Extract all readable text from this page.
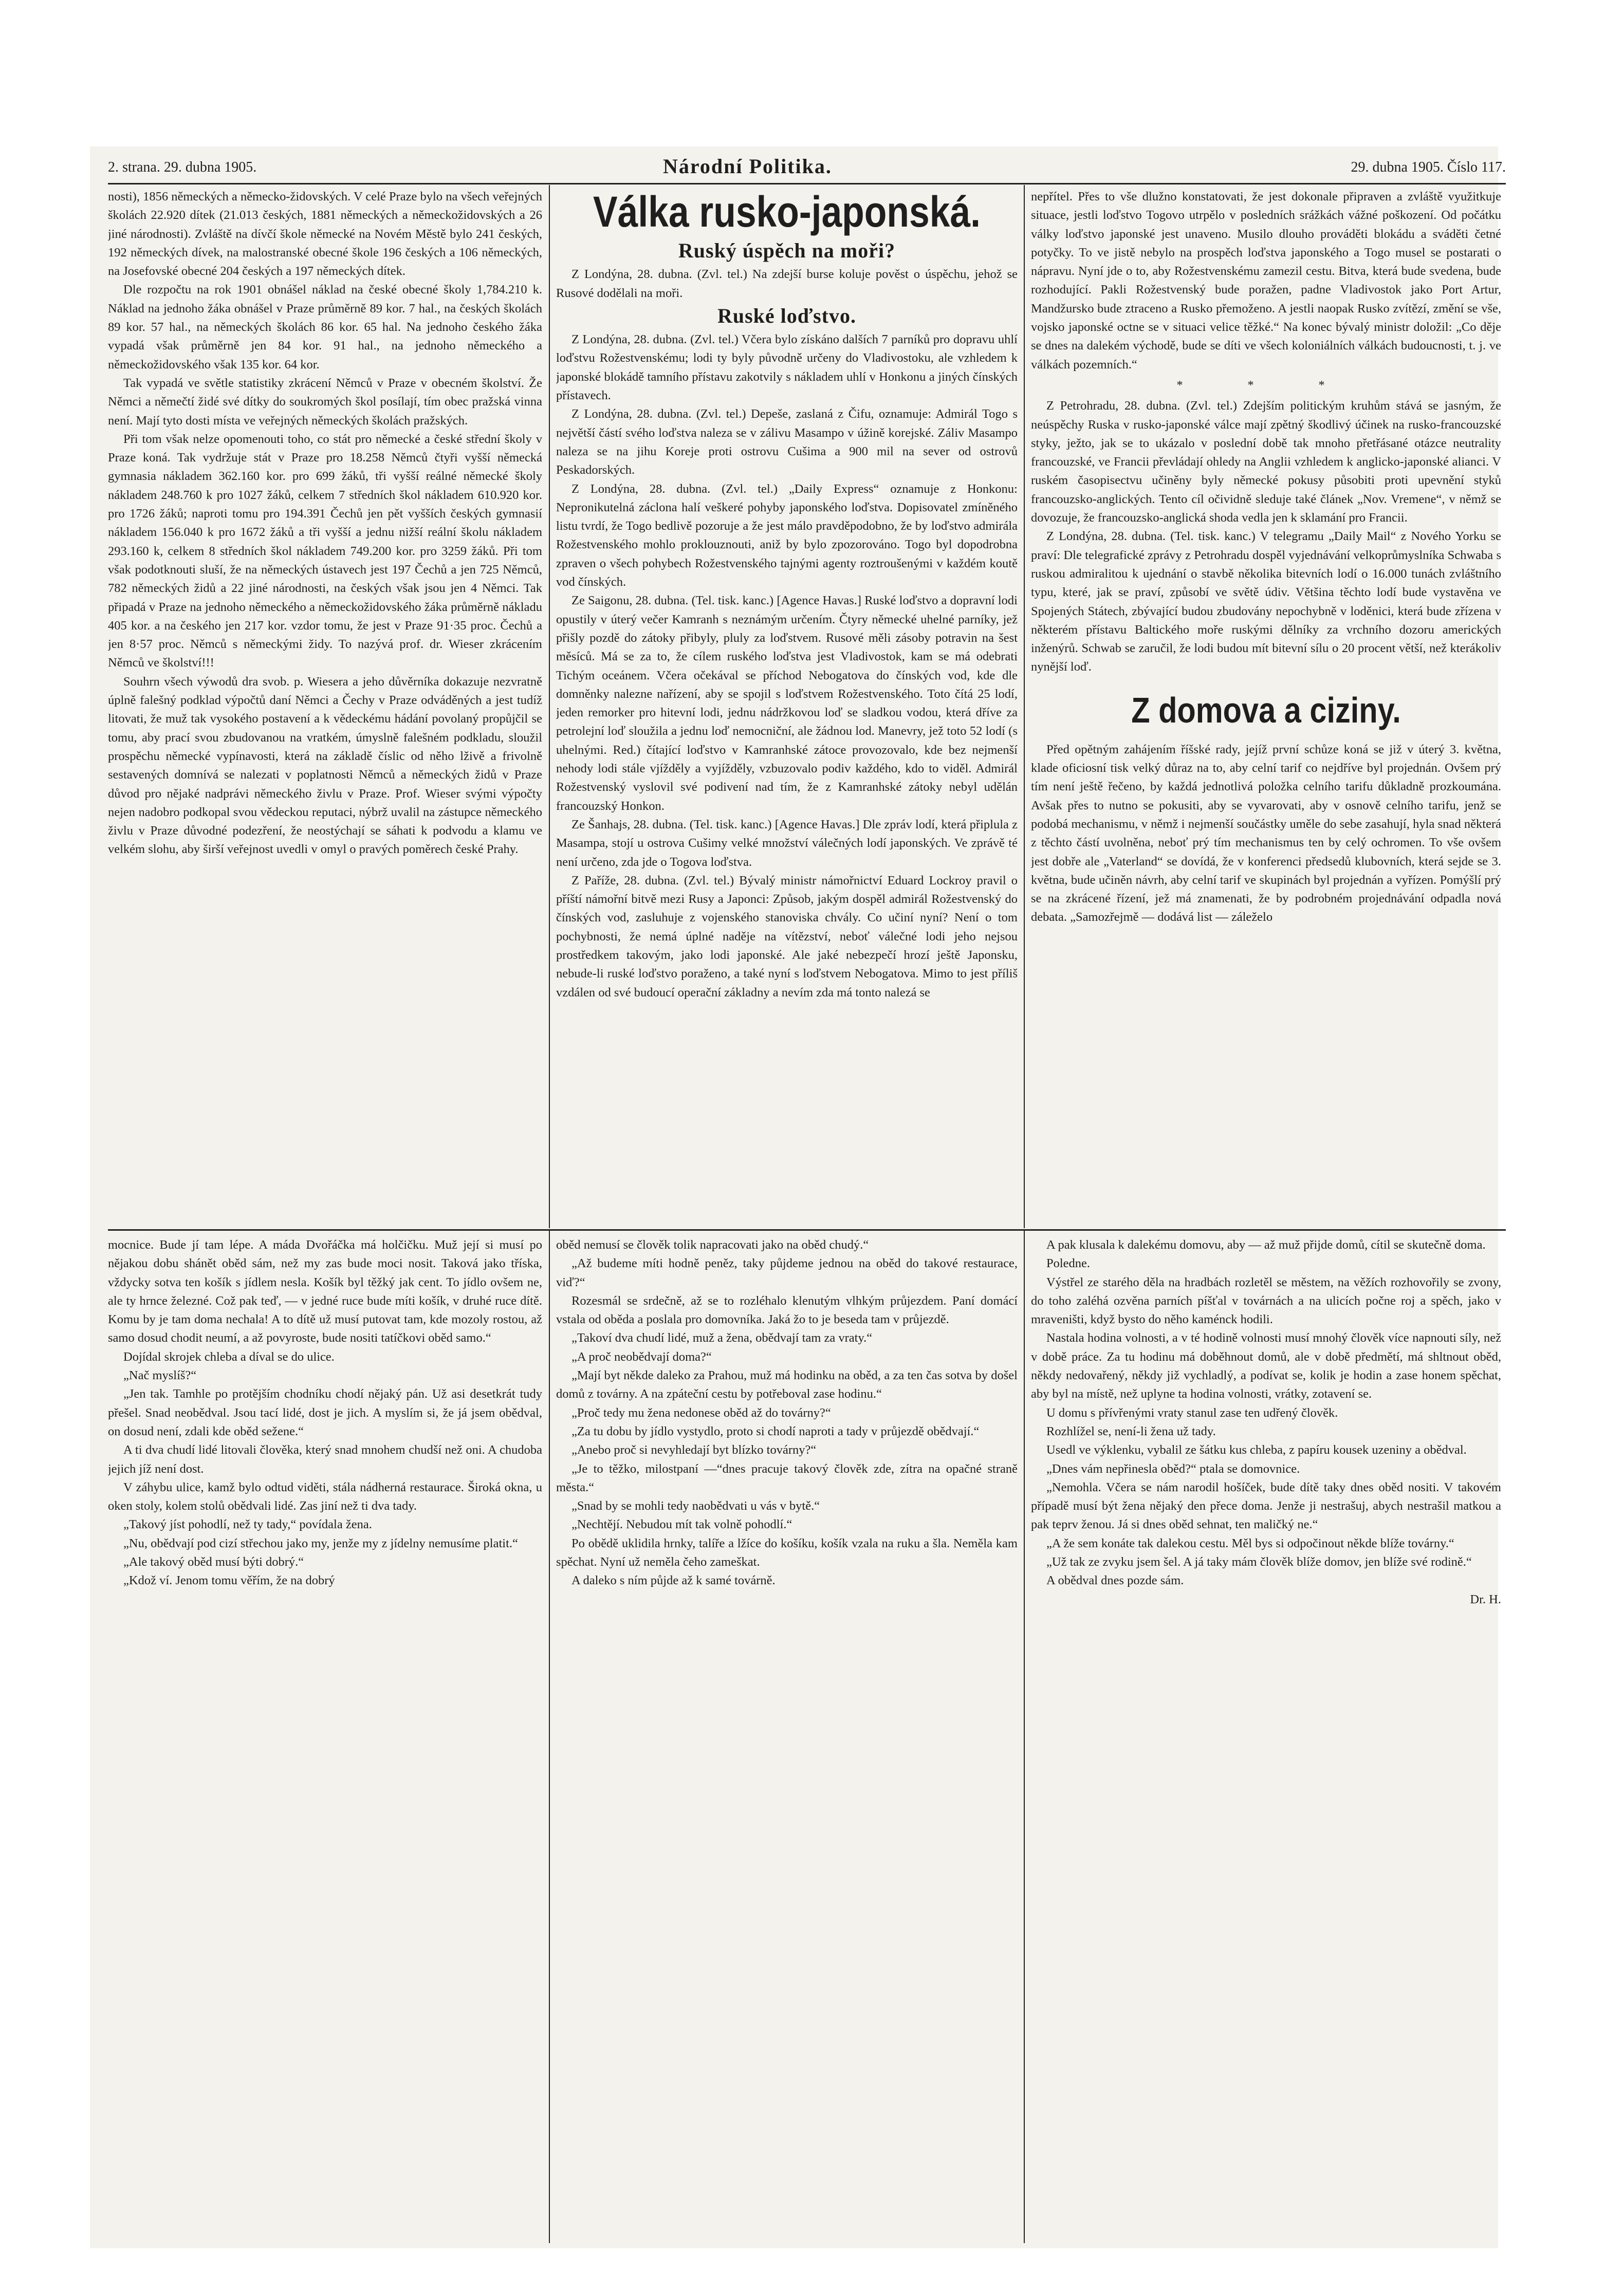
2. strana. 29. dubna 1905.	Národní Politika.	29. dubna 1905. Číslo 117.

nosti), 1856 německých a německo-židovských. V celé Praze bylo na všech veřejných školách 22.920 dítek (21.013 českých, 1881 německých a německožidovských a 26 jiné národnosti). Zvláště na dívčí škole německé na Novém Městě bylo 241 českých, 192 německých dívek, na malostranské obecné škole 196 českých a 106 německých, na Josefovské obecné 204 českých a 197 německých dítek.

Dle rozpočtu na rok 1901 obnášel náklad na české obecné školy 1,784.210 k. Náklad na jednoho žáka obnášel v Praze průměrně 89 kor. 7 hal., na českých školách 89 kor. 57 hal., na německých školách 86 kor. 65 hal. Na jednoho českého žáka vypadá však průměrně jen 84 kor. 91 hal., na jednoho německého a německožidovského však 135 kor. 64 kor.

Tak vypadá ve světle statistiky zkrácení Němců v Praze v obecném školství. Že Němci a němečtí židé své dítky do soukromých škol posílají, tím obec pražská vinna není. Mají tyto dosti místa ve veřejných německých školách pražských.

Při tom však nelze opomenouti toho, co stát pro německé a české střední školy v Praze koná. Tak vydržuje stát v Praze pro 18.258 Němců čtyři vyšší německá gymnasia nákladem 362.160 kor. pro 699 žáků, tři vyšší reálné německé školy nákladem 248.760 k pro 1027 žáků, celkem 7 středních škol nákladem 610.920 kor. pro 1726 žáků; naproti tomu pro 194.391 Čechů jen pět vyšších českých gymnasií nákladem 156.040 k pro 1672 žáků a tři vyšší a jednu nižší reální školu nákladem 293.160 k, celkem 8 středních škol nákladem 749.200 kor. pro 3259 žáků. Při tom však podotknouti sluší, že na německých ústavech jest 197 Čechů a jen 725 Němců, 782 německých židů a 22 jiné národnosti, na českých však jsou jen 4 Němci. Tak připadá v Praze na jednoho německého a německožidovského žáka průměrně nákladu 405 kor. a na českého jen 217 kor. vzdor tomu, že jest v Praze 91·35 proc. Čechů a jen 8·57 proc. Němců s německými židy. To nazývá prof. dr. Wieser zkrácením Němců ve školství!!!

Souhrn všech výwodů dra svob. p. Wiesera a jeho důvěrníka dokazuje nezvratně úplně falešný podklad výpočtů daní Němci a Čechy v Praze odváděných a jest tudíž litovati, že muž tak vysokého postavení a k vědeckému hádání povolaný propůjčil se tomu, aby prací svou zbudovanou na vratkém, úmyslně falešném podkladu, sloužil prospěchu německé vypínavosti, která na základě číslic od něho lživě a frivolně sestavených domnívá se nalezati v poplatnosti Němců a německých židů v Praze důvod pro nějaké nadprávi německého živlu v Praze. Prof. Wieser svými výpočty nejen nadobro podkopal svou vědeckou reputaci, nýbrž uvalil na zástupce německého živlu v Praze důvodné podezření, že neostýchají se sáhati k podvodu a klamu ve velkém slohu, aby širší veřejnost uvedli v omyl o pravých poměrech české Prahy.

Válka rusko-japonská.
Ruský úspěch na moři?

Z Londýna, 28. dubna. (Zvl. tel.) Na zdejší burse koluje pověst o úspěchu, jehož se Rusové dodělali na moři.

Ruské loďstvo.

Z Londýna, 28. dubna. (Zvl. tel.) Včera bylo získáno dalších 7 parníků pro dopravu uhlí loďstvu Rožestvenskému; lodi ty byly původně určeny do Vladivostoku, ale vzhledem k japonské blokádě tamního přístavu zakotvily s nákladem uhlí v Honkonu a jiných čínských přístavech.

Z Londýna, 28. dubna. (Zvl. tel.) Depeše, zaslaná z Čifu, oznamuje: Admirál Togo s největší částí svého loďstva naleza se v zálivu Masampo v úžině korejské. Záliv Masampo naleza se na jihu Koreje proti ostrovu Cušima a 900 mil na sever od ostrovů Peskadorských.

Z Londýna, 28. dubna. (Zvl. tel.) „Daily Express“ oznamuje z Honkonu: Nepronikutelná záclona halí veškeré pohyby japonského loďstva. Dopisovatel zmíněného listu tvrdí, že Togo bedlivě pozoruje a že jest málo pravděpodobno, že by loďstvo admirála Rožestvenského mohlo proklouznouti, aniž by bylo zpozorováno. Togo byl dopodrobna zpraven o všech pohybech Rožestvenského tajnými agenty roztroušenými v každém koutě vod čínských.

Ze Saigonu, 28. dubna. (Tel. tisk. kanc.) [Agence Havas.] Ruské loďstvo a dopravní lodi opustily v úterý večer Kamranh s neznámým určením. Čtyry německé uhelné parníky, jež přišly pozdě do zátoky přibyly, pluly za loďstvem. Rusové měli zásoby potravin na šest měsíců. Má se za to, že cílem ruského loďstva jest Vladivostok, kam se má odebrati Tichým oceánem. Včera očekával se příchod Nebogatova do čínských vod, kde dle domněnky nalezne nařízení, aby se spojil s loďstvem Rožestvenského. Toto čítá 25 lodí, jeden remorker pro hitevní lodi, jednu nádržkovou loď se sladkou vodou, která dříve za petrolejní loď sloužila a jednu loď nemocniční, ale žádnou lod. Manevry, jež toto 52 lodí (s uhelnými. Red.) čítající loďstvo v Kamranhské zátoce provozovalo, kde bez nejmenší nehody lodi stále vjížděly a vyjížděly, vzbuzovalo podiv každého, kdo to viděl. Admirál Rožestvenský vyslovil své podivení nad tím, že z Kamranhské zátoky nebyl udělán francouzský Honkon.

Ze Šanhajs, 28. dubna. (Tel. tisk. kanc.) [Agence Havas.] Dle zpráv lodí, která připlula z Masampa, stojí u ostrova Cušimy velké množství válečných lodí japonských. Ve zprávě té není určeno, zda jde o Togova loďstva.

Z Paříže, 28. dubna. (Zvl. tel.) Bývalý ministr námořnictví Eduard Lockroy pravil o příští námořní bitvě mezi Rusy a Japonci: Způsob, jakým dospěl admirál Rožestvenský do čínských vod, zasluhuje z vojenského stanoviska chvály. Co učiní nyní? Není o tom pochybnosti, že nemá úplné naděje na vítězství, neboť válečné lodi jeho nejsou prostředkem takovým, jako lodi japonské. Ale jaké nebezpečí hrozí ještě Japonsku, nebude-li ruské loďstvo poraženo, a také nyní s loďstvem Nebogatova. Mimo to jest příliš vzdálen od své budoucí operační základny a nevím zda má tonto nalezá se

nepřítel. Přes to vše dlužno konstatovati, že jest dokonale připraven a zvláště využitkuje situace, jestli loďstvo Togovo utrpělo v posledních srážkách vážné poškození. Od počátku války loďstvo japonské jest unaveno. Musilo dlouho prováděti blokádu a sváděti četné potyčky. To ve jistě nebylo na prospěch loďstva japonského a Togo musel se postarati o nápravu. Nyní jde o to, aby Rožestvenskému zamezil cestu. Bitva, která bude svedena, bude rozhodující. Pakli Rožestvenský bude poražen, padne Vladivostok jako Port Artur, Mandžursko bude ztraceno a Rusko přemoženo. A jestli naopak Rusko zvítězí, změní se vše, vojsko japonské octne se v situaci velice těžké.“ Na konec bývalý ministr doložil: „Co děje se dnes na dalekém východě, bude se díti ve všech koloniálních válkách budoucnosti, t. j. ve válkách pozemních.“

* * *

Z Petrohradu, 28. dubna. (Zvl. tel.) Zdejším politickým kruhům stává se jasným, že neúspěchy Ruska v rusko-japonské válce mají zpětný škodlivý účinek na rusko-francouzské styky, ježto, jak se to ukázalo v poslední době tak mnoho přetřásané otázce neutrality francouzské, ve Francii převládají ohledy na Anglii vzhledem k anglicko-japonské alianci. V ruském časopisectvu učiněny byly německé pokusy působiti proti upevnění styků francouzsko-anglických. Tento cíl očividně sleduje také článek „Nov. Vremene“, v němž se dovozuje, že francouzsko-anglická shoda vedla jen k sklamání pro Francii.

Z Londýna, 28. dubna. (Tel. tisk. kanc.) V telegramu „Daily Mail“ z Nového Yorku se praví: Dle telegrafické zprávy z Petrohradu dospěl vyjednávání velkoprůmyslníka Schwaba s ruskou admiralitou k ujednání o stavbě několika bitevních lodí o 16.000 tunách zvláštního typu, které, jak se praví, způsobí ve světě údiv. Většina těchto lodí bude vystavěna ve Spojených Státech, zbývající budou zbudovány nepochybně v loděnici, která bude zřízena v některém přístavu Baltického moře ruskými dělníky za vrchního dozoru amerických inženýrů. Schwab se zaručil, že lodi budou mít bitevní sílu o 20 procent větší, než kterákoliv nynější loď.

Z domova a ciziny.

Před opětným zahájením říšské rady, jejíž první schůze koná se již v úterý 3. května, klade oficiosní tisk velký důraz na to, aby celní tarif co nejdříve byl projednán. Ovšem prý tím není ještě řečeno, by každá jednotlivá položka celního tarifu důkladně prozkoumána. Avšak přes to nutno se pokusiti, aby se vyvarovati, aby v osnově celního tarifu, jenž se podobá mechanismu, v němž i nejmenší součástky uměle do sebe zasahují, hyla snad některá z těchto částí uvolněna, neboť prý tím mechanismus ten by celý ochromen. To vše ovšem jest dobře ale „Vaterland“ se dovídá, že v konferenci předsedů klubovních, která sejde se 3. května, bude učiněn návrh, aby celní tarif ve skupinách byl projednán a vyřízen. Pomýšlí prý se na zkrácené řízení, jež má znamenati, že by podrobném projednávání odpadla nová debata. „Samozřejmě — dodává list — záleželo

mocnice. Bude jí tam lépe. A máda Dvořáčka má holčičku. Muž její si musí po nějakou dobu shánět oběd sám, než my zas bude moci nosit. Taková jako tříska, vždycky sotva ten košík s jídlem nesla. Košík byl těžký jak cent. To jídlo ovšem ne, ale ty hrnce železné. Což pak teď, — v jedné ruce bude míti košík, v druhé ruce dítě. Komu by je tam doma nechala! A to dítě už musí putovat tam, kde mozoly rostou, až samo dosud chodit neumí, a až povyroste, bude nositi tatíčkovi oběd samo.“

Dojídal skrojek chleba a díval se do ulice.

„Nač myslíš?“

„Jen tak. Tamhle po protějším chodníku chodí nějaký pán. Už asi desetkrát tudy přešel. Snad neobědval. Jsou tací lidé, dost je jich. A myslím si, že já jsem obědval, on dosud není, zdali kde oběd sežene.“

A ti dva chudí lidé litovali člověka, který snad mnohem chudší než oni. A chudoba jejich jíž není dost.

V záhybu ulice, kamž bylo odtud viděti, stála nádherná restaurace. Široká okna, u oken stoly, kolem stolů obědvali lidé. Zas jiní než ti dva tady.

„Takový jíst pohodlí, než ty tady,“ povídala žena.

„Nu, obědvají pod cizí střechou jako my, jenže my z jídelny nemusíme platit.“

„Ale takový oběd musí býti dobrý.“

„Kdož ví. Jenom tomu věřím, že na dobrý

oběd nemusí se člověk tolik napracovati jako na oběd chudý.“

„Až budeme míti hodně peněz, taky půjdeme jednou na oběd do takové restaurace, viď?“

Rozesmál se srdečně, až se to rozléhalo klenutým vlhkým průjezdem. Paní domácí vstala od oběda a poslala pro domovníka. Jaká žo to je beseda tam v průjezdě.

„Takoví dva chudí lidé, muž a žena, obědvají tam za vraty.“

„A proč neobědvají doma?“

„Mají byt někde daleko za Prahou, muž má hodinku na oběd, a za ten čas sotva by došel domů z továrny. A na zpáteční cestu by potřeboval zase hodinu.“

„Proč tedy mu žena nedonese oběd až do továrny?“

„Za tu dobu by jídlo vystydlo, proto si chodí naproti a tady v průjezdě obědvají.“

„Anebo proč si nevyhledají byt blízko továrny?“

„Je to těžko, milostpaní —“dnes pracuje takový člověk zde, zítra na opačné straně města.“

„Snad by se mohli tedy naobědvati u vás v bytě.“

„Nechtějí. Nebudou mít tak volně pohodlí.“

Po obědě uklidila hrnky, talíře a lžíce do košíku, košík vzala na ruku a šla. Neměla kam spěchat. Nyní už neměla čeho zameškat.

A daleko s ním půjde až k samé továrně.

A pak klusala k dalekému domovu, aby — až muž přijde domů, cítil se skutečně doma.

Poledne.

Výstřel ze starého děla na hradbách rozletěl se městem, na věžích rozhovořily se zvony, do toho zaléhá ozvěna parních píšťal v továrnách a na ulicích počne roj a spěch, jako v mraveništi, když bysto do něho kaménck hodili.

Nastala hodina volnosti, a v té hodině volnosti musí mnohý člověk více napnouti síly, než v době práce. Za tu hodinu má doběhnout domů, ale v době předmětí, má shltnout oběd, někdy nedovařený, někdy již vychladlý, a podívat se, kolik je hodin a zase honem spěchat, aby byl na místě, než uplyne ta hodina volnosti, vrátky, zotavení se.

U domu s přívřenými vraty stanul zase ten udřený člověk.

Rozhlížel se, není-li žena už tady.

Usedl ve výklenku, vybalil ze šátku kus chleba, z papíru kousek uzeniny a obědval.

„Dnes vám nepřinesla oběd?“ ptala se domovnice.

„Nemohla. Včera se nám narodil hošíček, bude dítě taky dnes oběd nositi. V takovém případě musí být žena nějaký den přece doma. Jenže ji nestrašuj, abych nestrašil matkou a pak teprv ženou. Já si dnes oběd sehnat, ten maličký ne.“

„A že sem konáte tak dalekou cestu. Měl bys si odpočinout někde blíže továrny.“

„Už tak ze zvyku jsem šel. A já taky mám člověk blíže domov, jen blíže své rodině.“

A obědval dnes pozde sám.

Dr. H.
